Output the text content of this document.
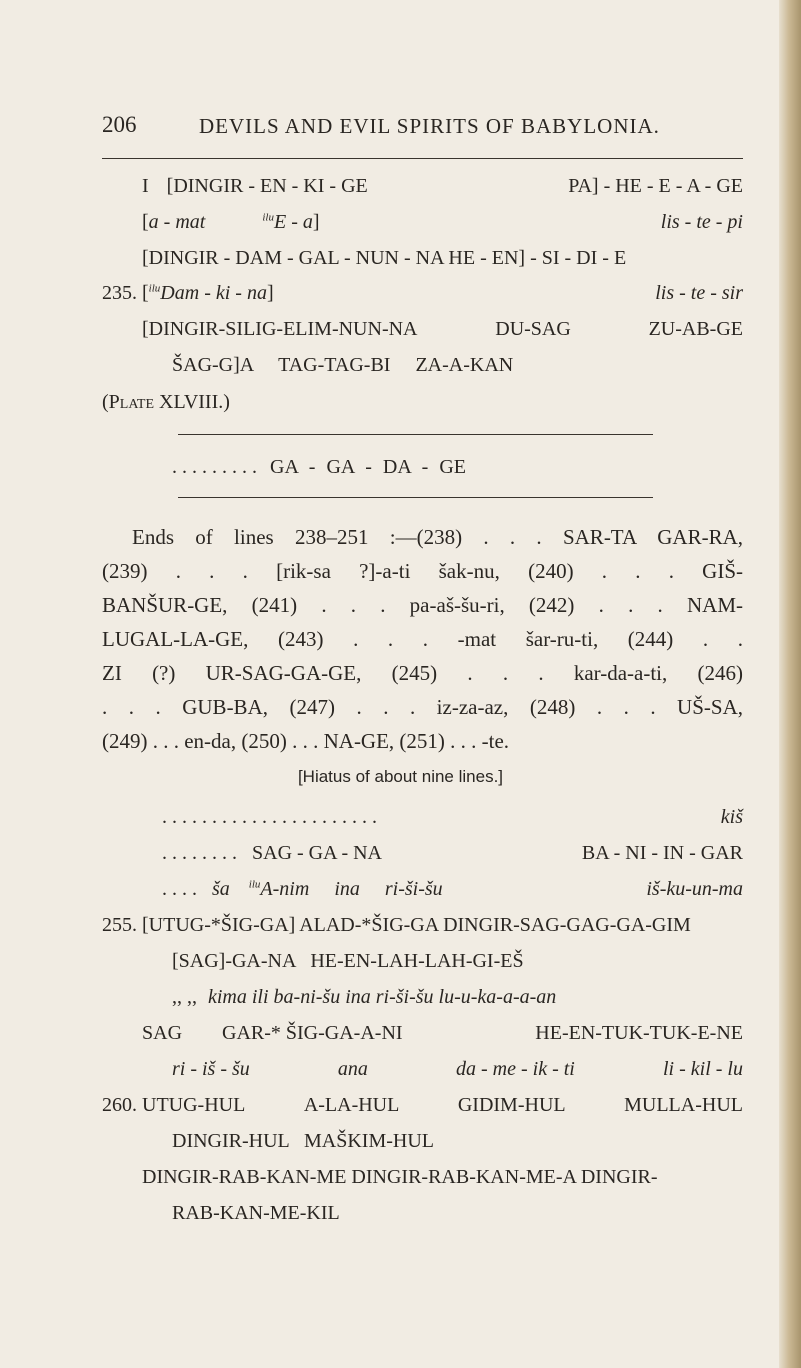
206	DEVILS AND EVIL SPIRITS OF BABYLONIA.
I [DINGIR - EN - KI - GE	PA] - HE - E - A - GE
[a - mat	$^{ilu}$E - a]	lis - te - pi
[DINGIR - DAM - GAL - NUN - NA HE - EN] - SI - DI - E
235. [$^{ilu}$Dam - ki - na]	lis - te - sir
[DINGIR-SILIG-ELIM-NUN-NA	DU-SAG	ZU-AB-GE
ŠAG-G]A TAG-TAG-BI ZA-A-KAN
(Plate XLVIII.)
. . . . . . . . . GA - GA - DA - GE
Ends of lines 238–251 :—(238) . . . SAR-TA GAR-RA,
(239) . . . [rik-sa ?]-a-ti šak-nu, (240) . . . GIŠ-
BANŠUR-GE, (241) . . . pa-aš-šu-ri, (242) . . . NAM-
LUGAL-LA-GE, (243) . . . -mat šar-ru-ti, (244) . .
ZI (?) UR-SAG-GA-GE, (245) . . . kar-da-a-ti, (246)
. . . GUB-BA, (247) . . . iz-za-az, (248) . . . UŠ-SA,
(249) . . . en-da, (250) . . . NA-GE, (251) . . . -te.
[Hiatus of about nine lines.]
. . . . . . . . . . . . . . . . . . . . . .	kiš
. . . . . . . . SAG - GA - NA	BA - NI - IN - GAR
. . . . ša $^{ilu}$A-nim ina ri-ši-šu	iš-ku-un-ma
255. [UTUG-*ŠIG-GA] ALAD-*ŠIG-GA DINGIR-SAG-GAG-GA-GIM
[SAG]-GA-NA HE-EN-LAH-LAH-GI-EŠ
,, ,, kima ili ba-ni-šu ina ri-ši-šu lu-u-ka-a-a-an
SAG GAR-* ŠIG-GA-A-NI	HE-EN-TUK-TUK-E-NE
ri - iš - šu	ana	da - me - ik - ti	li - kil - lu
260. UTUG-HUL	A-LA-HUL	GIDIM-HUL	MULLA-HUL
DINGIR-HUL MAŠKIM-HUL
DINGIR-RAB-KAN-ME DINGIR-RAB-KAN-ME-A DINGIR-
RAB-KAN-ME-KIL
